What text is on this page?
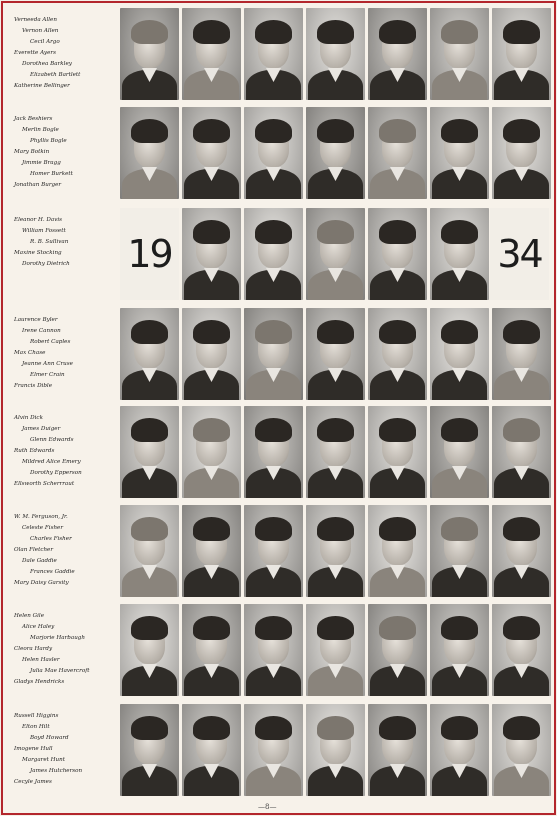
Verneeda Allen
Vernon Allen
Cecil Argo
Everette Ayers
Dorothea Barkley
Elizabeth Bartlett
Katherine Bellinger
Jack Beshiers
Merlin Bogle
Phyllis Bogle
Mary Botkin
Jimmie Bragg
Homer Burkett
Jonathan Burger
Eleanor H. Davis
William Fossett
R. B. Sullivan
Maxine Stocking
Dorothy Dietrich
Laurence Byler
Irene Cannon
Robert Caples
Max Chase
Jeanne Ann Cruse
Elmer Crain
Francis Dible
Alvin Dick
James Duiger
Glenn Edwards
Ruth Edwards
Mildred Alice Emery
Dorothy Epperson
Ellsworth Scherrraut
W. M. Ferguson, Jr.
Celeste Fisher
Charles Fisher
Olan Fletcher
Dale Gaddie
Frances Gaddie
Mary Daisy Garsity
Helen Gile
Alice Haley
Marjorie Harbaugh
Cleora Hardy
Helen Hasler
Julia Mae Havercroft
Gladys Hendricks
Russell Higgins
Elton Hilt
Boyd Howard
Imogene Hull
Margaret Hunt
James Hutcherson
Cecyle James
19	34
—8—
